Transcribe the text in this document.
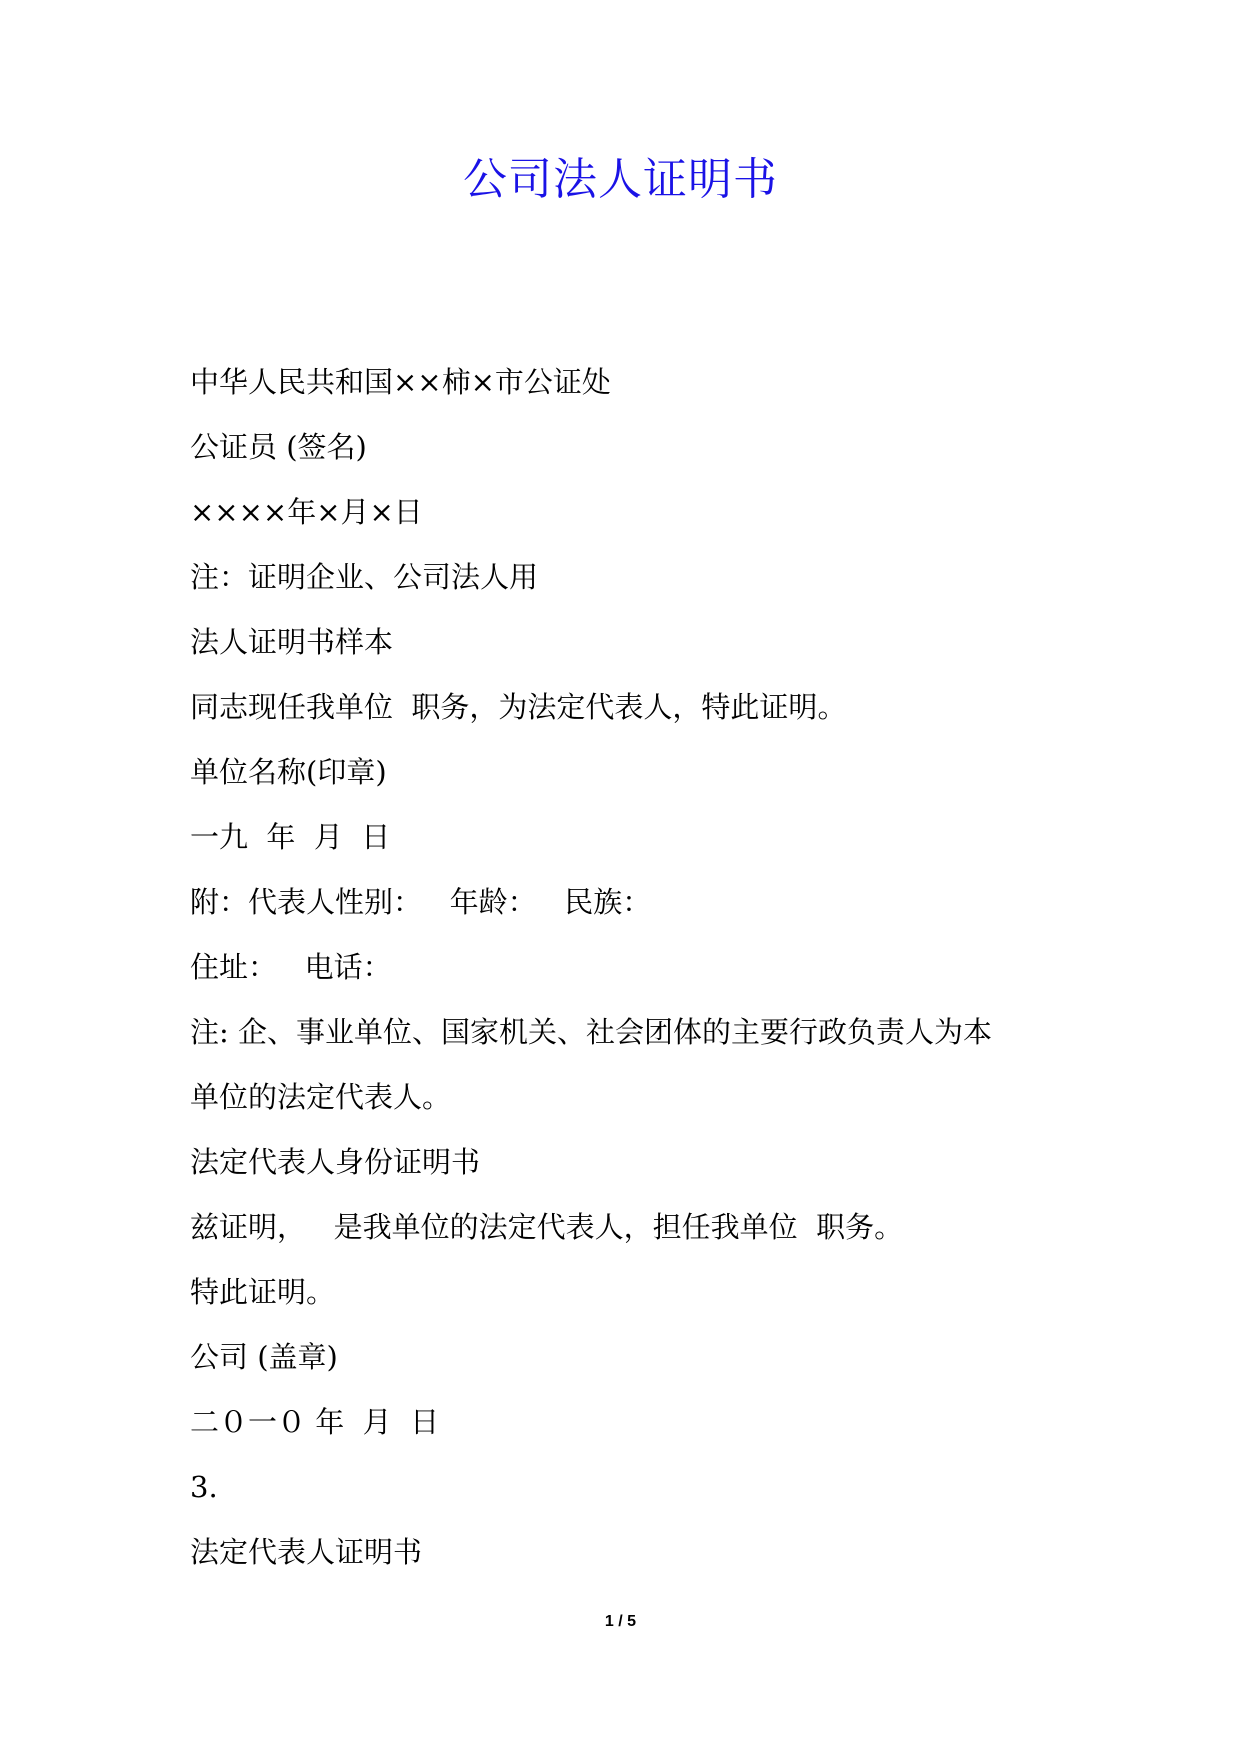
公司法人证明书
中华人民共和国××柿×市公证处
公证员 (签名)
××××年×月×日
注：证明企业、公司法人用
法人证明书样本
同志现任我单位  职务，为法定代表人，特此证明。
单位名称(印章)
一九  年  月  日
附：代表人性别：   年龄：   民族：
住址：   电话：
注: 企、事业单位、国家机关、社会团体的主要行政负责人为本
单位的法定代表人。
法定代表人身份证明书
兹证明，   是我单位的法定代表人，担任我单位  职务。
特此证明。
公司 (盖章)
二０一０ 年  月  日
3.
法定代表人证明书
1 / 5
